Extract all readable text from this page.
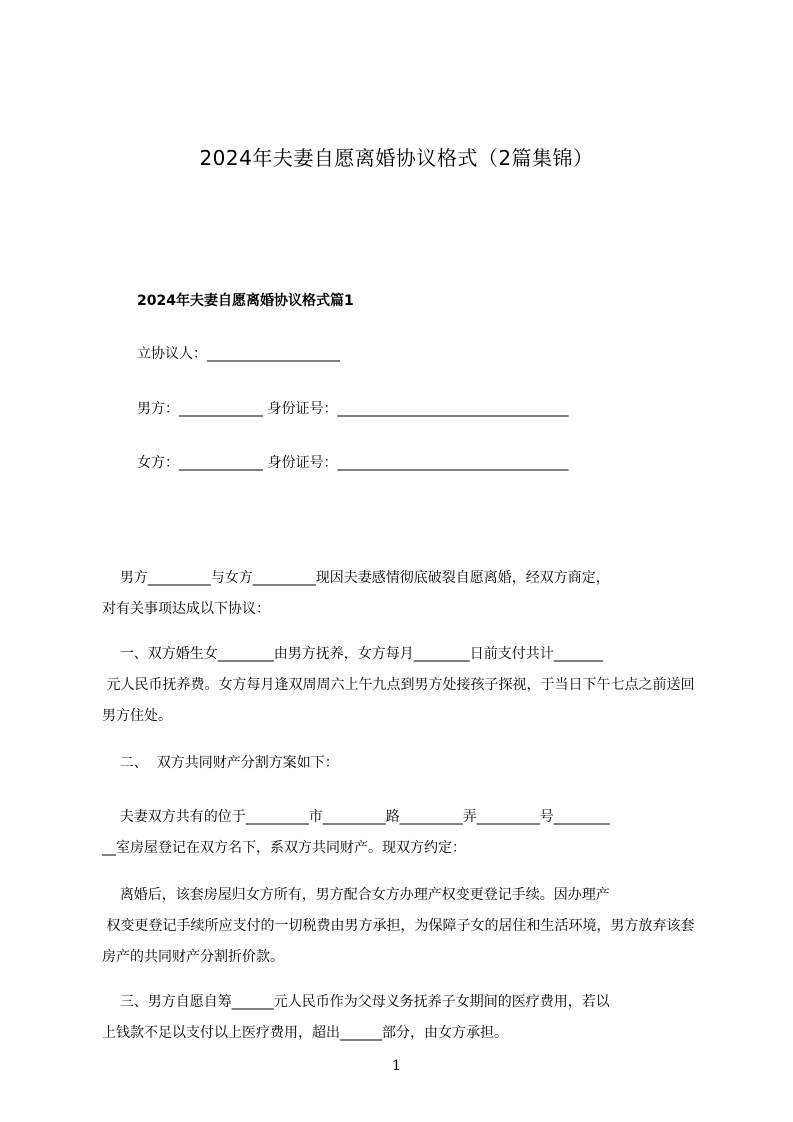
2024年夫妻自愿离婚协议格式（2篇集锦）
2024年夫妻自愿离婚协议格式篇1
立协议人：___________________
男方：____________ 身份证号：_________________________________
女方：____________ 身份证号：_________________________________

男方_________与女方_________现因夫妻感情彻底破裂自愿离婚，经双方商定，
对有关事项达成以下协议：

一、双方婚生女________由男方抚养，女方每月________日前支付共计_______
元人民币抚养费。女方每月逢双周周六上午九点到男方处接孩子探视，于当日下午七点之前送回男方住处。

二、  双方共同财产分割方案如下：

夫妻双方共有的位于_________市_________路_________弄_________号________
__室房屋登记在双方名下，系双方共同财产。现双方约定：

离婚后，该套房屋归女方所有，男方配合女方办理产权变更登记手续。因办理产
权变更登记手续所应支付的一切税费由男方承担，为保障子女的居住和生活环境，男方放弃该套房产的共同财产分割折价款。

三、男方自愿自筹______元人民币作为父母义务抚养子女期间的医疗费用，若以
上钱款不足以支付以上医疗费用，超出______部分，由女方承担。

1
